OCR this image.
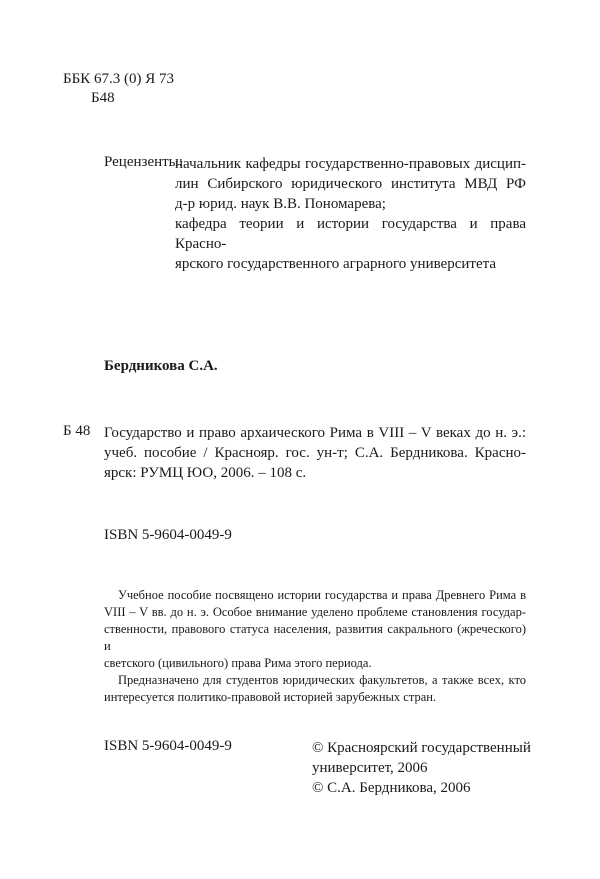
ББК 67.3 (0) Я 73
Б48
Рецензенты:
начальник кафедры государственно-правовых дисцип-
лин Сибирского юридического института МВД РФ
д-р юрид. наук В.В. Пономарева;
кафедра теории и истории государства и права Красно-
ярского государственного аграрного университета
Бердникова С.А.
Б 48 Государство и право архаического Рима в VIII – V веках до н. э.:
учеб. пособие / Краснояр. гос. ун-т; С.А. Бердникова. Красно-
ярск: РУМЦ ЮО, 2006. – 108 с.
ISBN 5-9604-0049-9
Учебное пособие посвящено истории государства и права Древнего Рима в
VIII – V вв. до н. э. Особое внимание уделено проблеме становления государ-
ственности, правового статуса населения, развития сакрального (жреческого) и
светского (цивильного) права Рима этого периода.
Предназначено для студентов юридических факультетов, а также всех, кто
интересуется политико-правовой историей зарубежных стран.
ISBN 5-9604-0049-9	© Красноярский государственный
университет, 2006
© С.А. Бердникова, 2006
